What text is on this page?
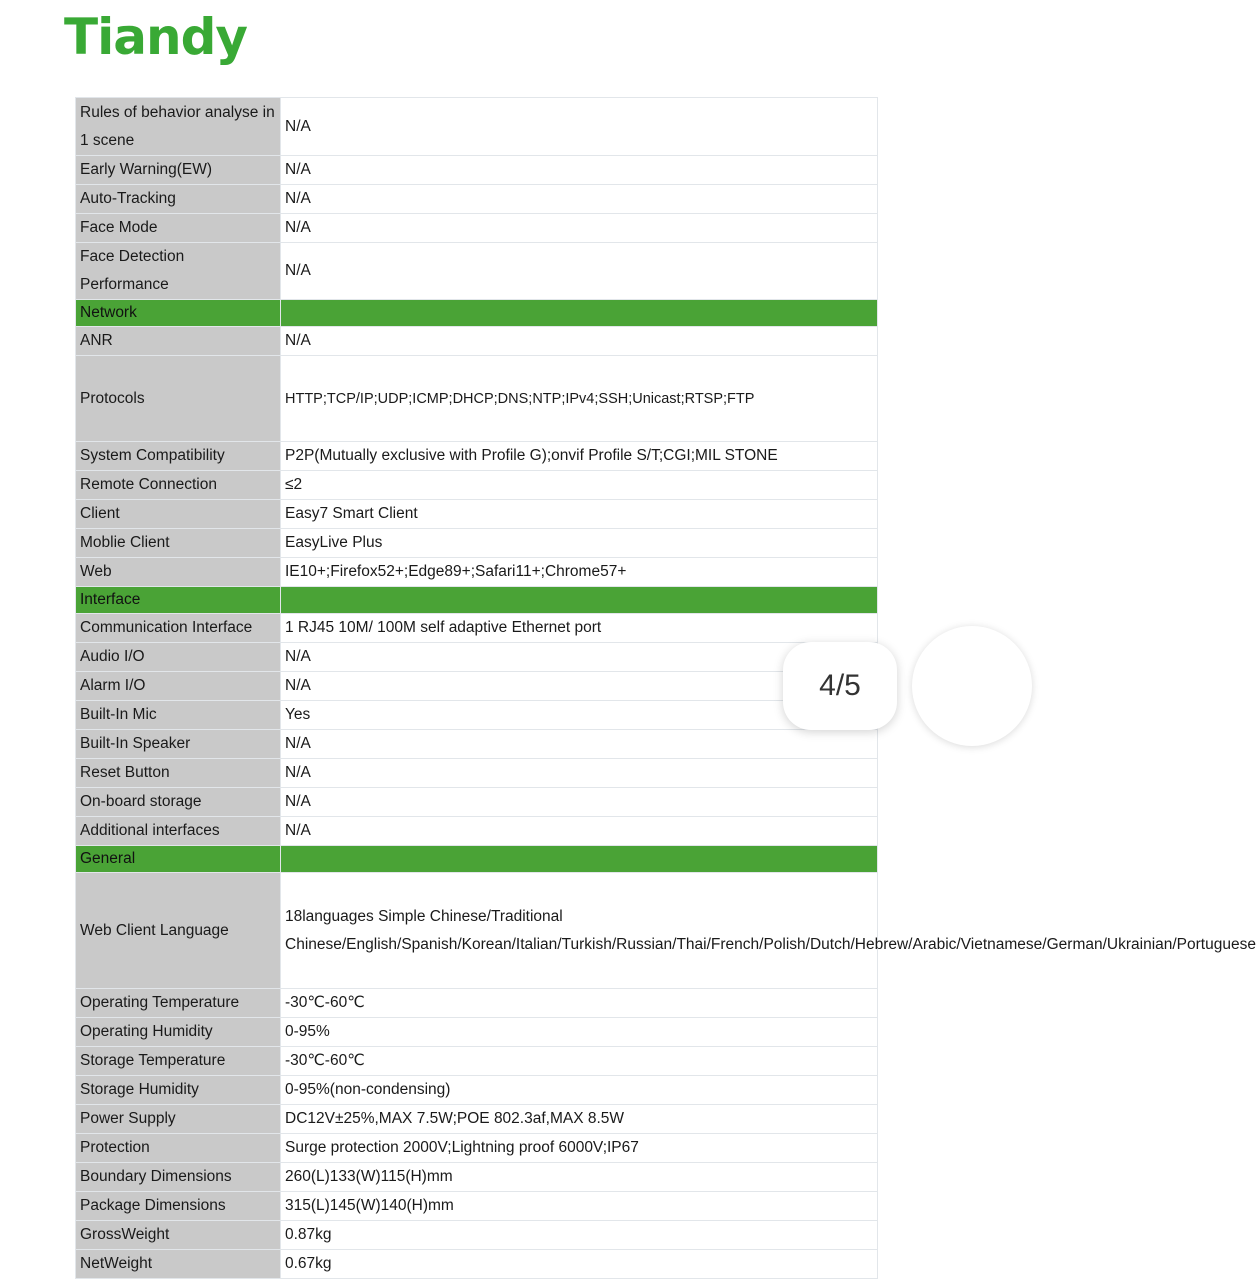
Tiandy
Rules of behavior analyse in 1 scene	N/A
Early Warning(EW)	N/A
Auto-Tracking	N/A
Face Mode	N/A
Face Detection Performance	N/A
Network	
ANR	N/A
Protocols	HTTP;TCP/IP;UDP;ICMP;DHCP;DNS;NTP;IPv4;SSH;Unicast;RTSP;FTP
System Compatibility	P2P(Mutually exclusive with Profile G);onvif Profile S/T;CGI;MIL STONE
Remote Connection	≤2
Client	Easy7 Smart Client
Moblie Client	EasyLive Plus
Web	IE10+;Firefox52+;Edge89+;Safari11+;Chrome57+
Interface	
Communication Interface	1 RJ45 10M/ 100M self adaptive Ethernet port
Audio I/O	N/A
Alarm I/O	N/A
Built-In Mic	Yes
Built-In Speaker	N/A
Reset Button	N/A
On-board storage	N/A
Additional interfaces	N/A
General	
Web Client Language	18languages Simple Chinese/Traditional Chinese/English/Spanish/Korean/Italian/Turkish/Russian/Thai/French/Polish/Dutch/Hebrew/Arabic/Vietnamese/German/Ukrainian/Portuguese
Operating Temperature	-30℃-60℃
Operating Humidity	0-95%
Storage Temperature	-30℃-60℃
Storage Humidity	0-95%(non-condensing)
Power Supply	DC12V±25%,MAX 7.5W;POE 802.3af,MAX 8.5W
Protection	Surge protection 2000V;Lightning proof 6000V;IP67
Boundary Dimensions	260(L)133(W)115(H)mm
Package Dimensions	315(L)145(W)140(H)mm
GrossWeight	0.87kg
NetWeight	0.67kg
4/5
